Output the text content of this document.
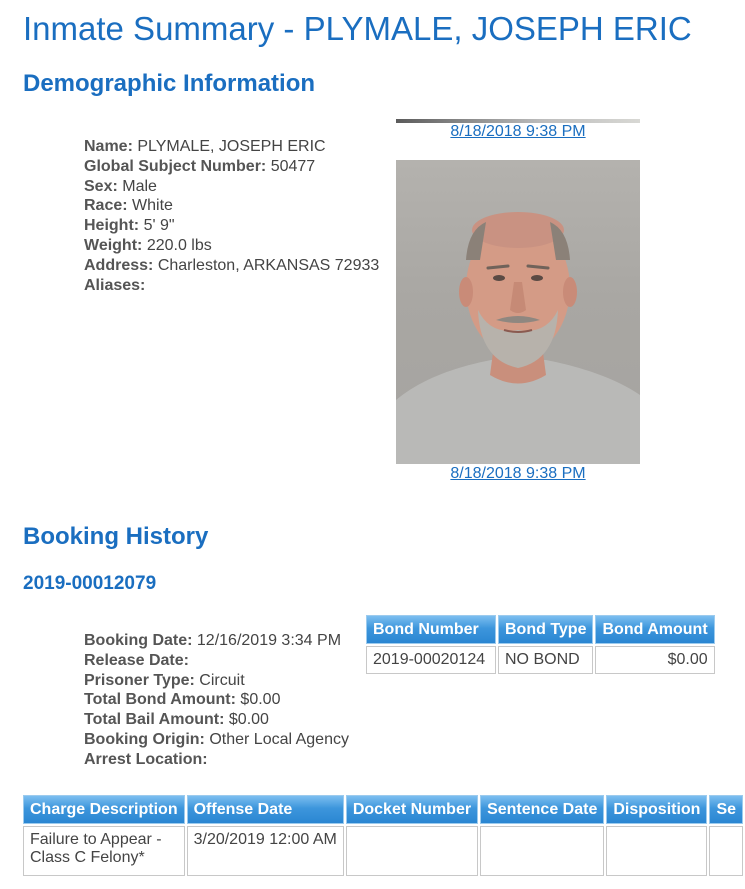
Inmate Summary - PLYMALE, JOSEPH ERIC
Demographic Information
Name: PLYMALE, JOSEPH ERIC
Global Subject Number: 50477
Sex: Male
Race: White
Height: 5' 9"
Weight: 220.0 lbs
Address: Charleston, ARKANSAS 72933
Aliases:
8/18/2018 9:38 PM
8/18/2018 9:38 PM
Booking History
2019-00012079
Booking Date: 12/16/2019 3:34 PM
Release Date:
Prisoner Type: Circuit
Total Bond Amount: $0.00
Total Bail Amount: $0.00
Booking Origin: Other Local Agency
Arrest Location:
Bond Number	Bond Type	Bond Amount
2019-00020124	NO BOND	$0.00
Charge Description	Offense Date	Docket Number	Sentence Date	Disposition	Se
Failure to Appear - Class C Felony*	3/20/2019 12:00 AM				
